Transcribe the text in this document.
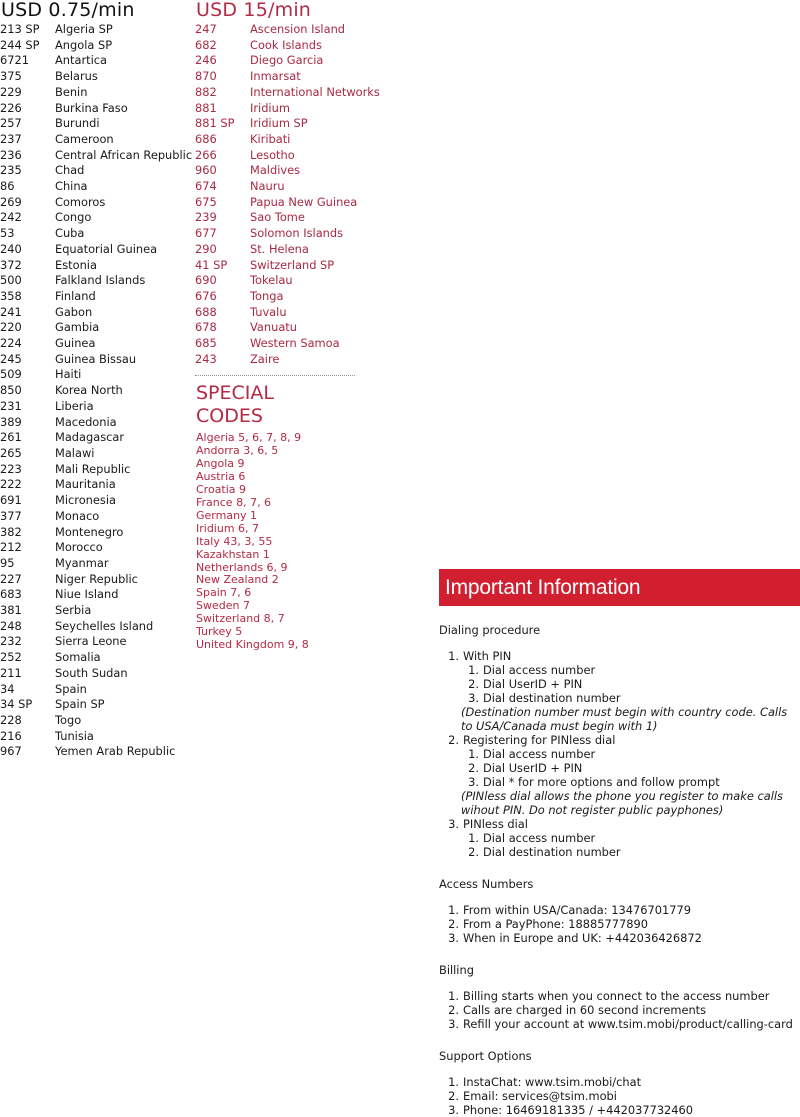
USD 0.75/min
213 SP	Algeria SP
244 SP	Angola SP
6721	Antartica
375	Belarus
229	Benin
226	Burkina Faso
257	Burundi
237	Cameroon
236	Central African Republic
235	Chad
86	China
269	Comoros
242	Congo
53	Cuba
240	Equatorial Guinea
372	Estonia
500	Falkland Islands
358	Finland
241	Gabon
220	Gambia
224	Guinea
245	Guinea Bissau
509	Haiti
850	Korea North
231	Liberia
389	Macedonia
261	Madagascar
265	Malawi
223	Mali Republic
222	Mauritania
691	Micronesia
377	Monaco
382	Montenegro
212	Morocco
95	Myanmar
227	Niger Republic
683	Niue Island
381	Serbia
248	Seychelles Island
232	Sierra Leone
252	Somalia
211	South Sudan
34	Spain
34 SP	Spain SP
228	Togo
216	Tunisia
967	Yemen Arab Republic
USD 15/min
247	Ascension Island
682	Cook Islands
246	Diego Garcia
870	Inmarsat
882	International Networks
881	Iridium
881 SP	Iridium SP
686	Kiribati
266	Lesotho
960	Maldives
674	Nauru
675	Papua New Guinea
239	Sao Tome
677	Solomon Islands
290	St. Helena
41 SP	Switzerland SP
690	Tokelau
676	Tonga
688	Tuvalu
678	Vanuatu
685	Western Samoa
243	Zaire
SPECIAL
CODES
Algeria 5, 6, 7, 8, 9
Andorra 3, 6, 5
Angola 9
Austria 6
Croatia 9
France 8, 7, 6
Germany 1
Iridium 6, 7
Italy 43, 3, 55
Kazakhstan 1
Netherlands 6, 9
New Zealand 2
Spain 7, 6
Sweden 7
Switzerland 8, 7
Turkey 5
United Kingdom 9, 8
Important Information
Dialing procedure
1. With PIN
1. Dial access number
2. Dial UserID + PIN
3. Dial destination number
(Destination number must begin with country code. Calls to USA/Canada must begin with 1)
2. Registering for PINless dial
1. Dial access number
2. Dial UserID + PIN
3. Dial * for more options and follow prompt
(PINless dial allows the phone you register to make calls wihout PIN. Do not register public payphones)
3. PINless dial
1. Dial access number
2. Dial destination number
Access Numbers
1. From within USA/Canada: 13476701779
2. From a PayPhone: 18885777890
3. When in Europe and UK: +442036426872
Billing
1. Billing starts when you connect to the access number
2. Calls are charged in 60 second increments
3. Refill your account at www.tsim.mobi/product/calling-card
Support Options
1. InstaChat: www.tsim.mobi/chat
2. Email: services@tsim.mobi
3. Phone: 16469181335 / +442037732460
